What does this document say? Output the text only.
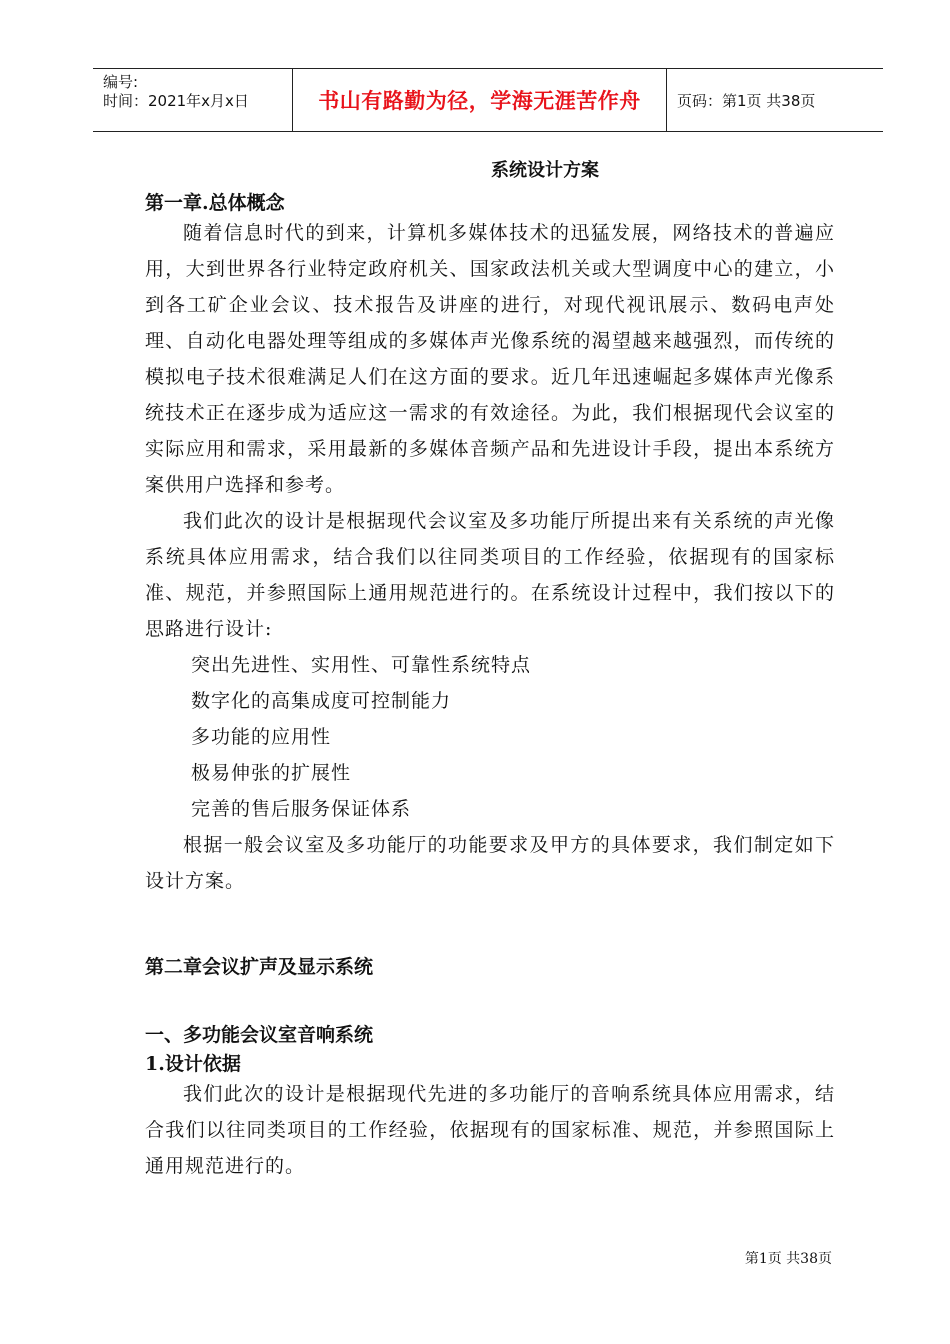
编号:
时间：2021年x月x日	书山有路勤为径，学海无涯苦作舟	页码：第1页 共38页
系统设计方案
第一章.总体概念

随着信息时代的到来，计算机多媒体技术的迅猛发展，网络技术的普遍应用，大到世界各行业特定政府机关、国家政法机关或大型调度中心的建立，小到各工矿企业会议、技术报告及讲座的进行，对现代视讯展示、数码电声处理、自动化电器处理等组成的多媒体声光像系统的渴望越来越强烈，而传统的模拟电子技术很难满足人们在这方面的要求。近几年迅速崛起多媒体声光像系统技术正在逐步成为适应这一需求的有效途径。为此，我们根据现代会议室的实际应用和需求，采用最新的多媒体音频产品和先进设计手段，提出本系统方案供用户选择和参考。

我们此次的设计是根据现代会议室及多功能厅所提出来有关系统的声光像系统具体应用需求，结合我们以往同类项目的工作经验，依据现有的国家标准、规范，并参照国际上通用规范进行的。在系统设计过程中，我们按以下的思路进行设计:

突出先进性、实用性、可靠性系统特点
数字化的高集成度可控制能力
多功能的应用性
极易伸张的扩展性
完善的售后服务保证体系

根据一般会议室及多功能厅的功能要求及甲方的具体要求，我们制定如下设计方案。

第二章会议扩声及显示系统
一、多功能会议室音响系统
1.设计依据

我们此次的设计是根据现代先进的多功能厅的音响系统具体应用需求，结合我们以往同类项目的工作经验，依据现有的国家标准、规范，并参照国际上通用规范进行的。

第1页 共38页
